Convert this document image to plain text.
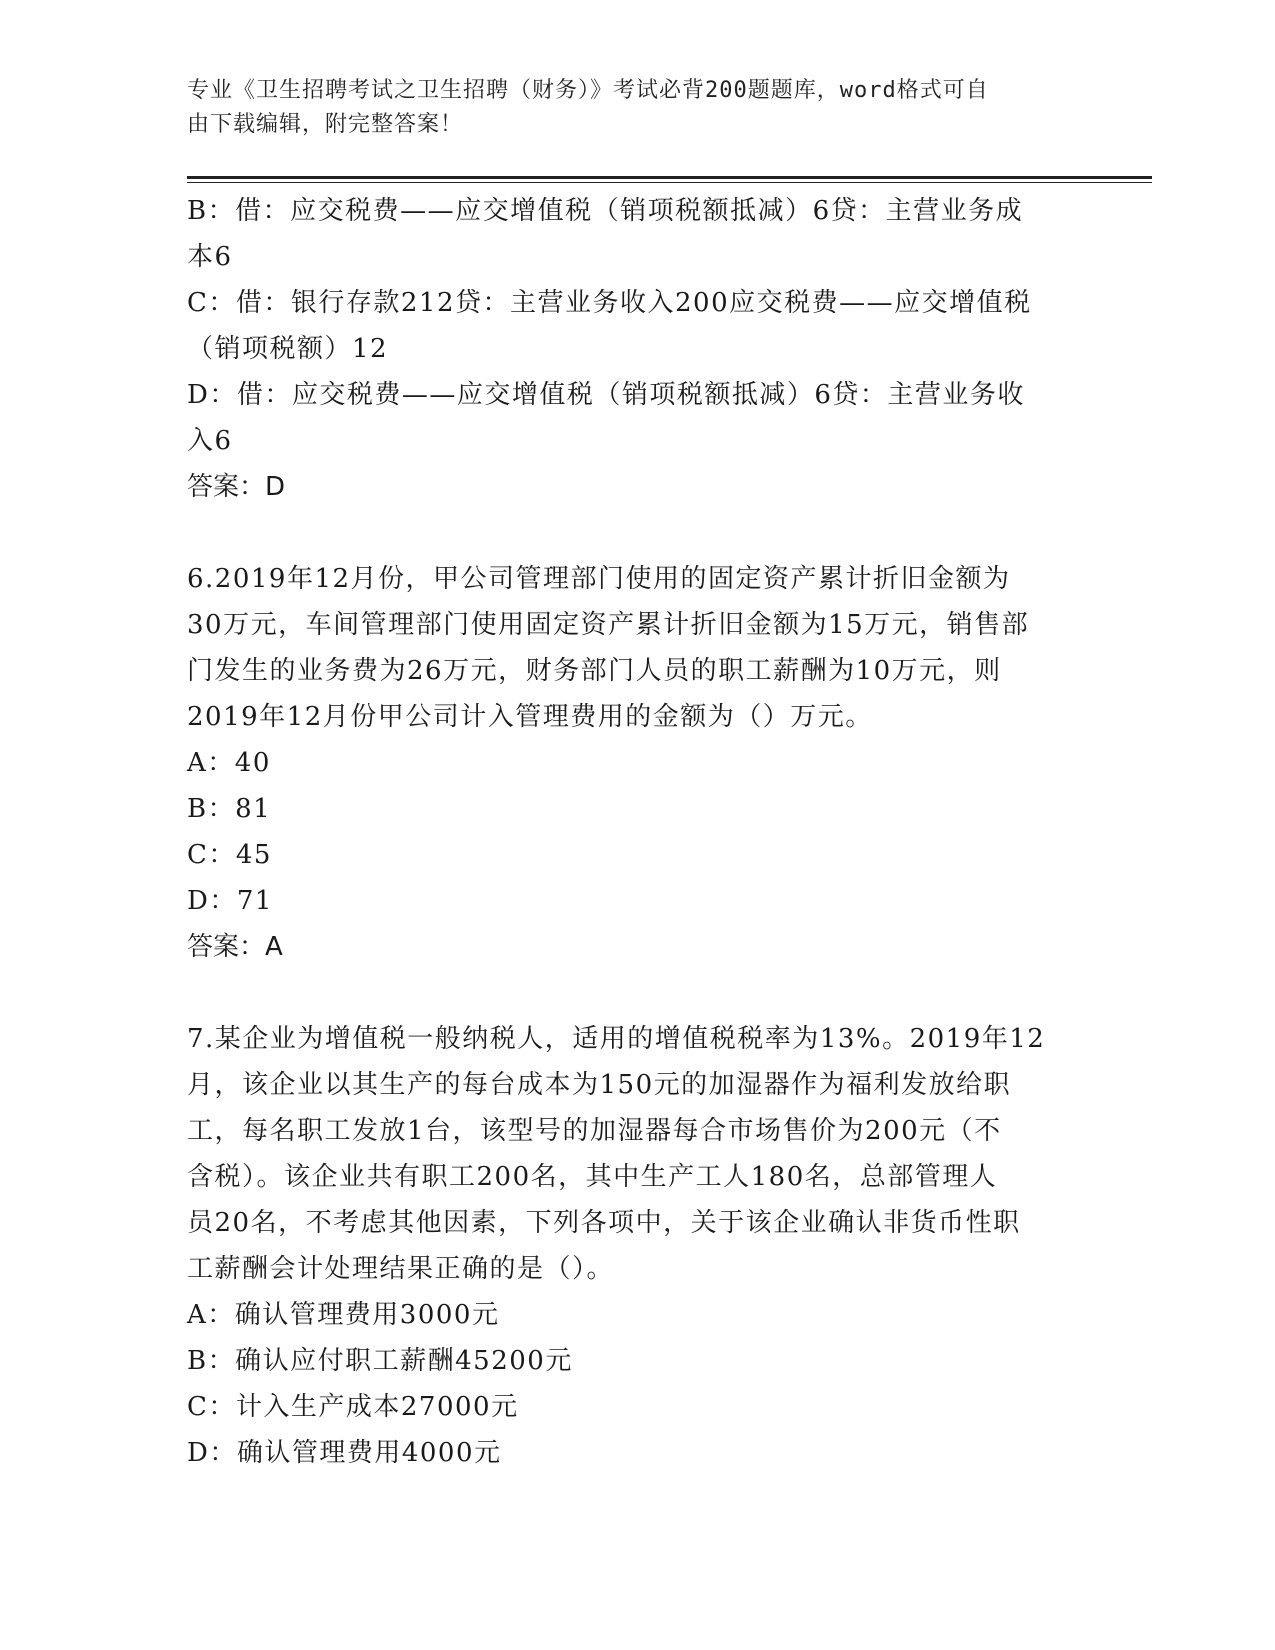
专业《卫生招聘考试之卫生招聘（财务）》考试必背200题题库，word格式可自
由下载编辑，附完整答案！
B：借：应交税费——应交增值税（销项税额抵减）6贷：主营业务成
本6
C：借：银行存款212贷：主营业务收入200应交税费——应交增值税
（销项税额）12
D：借：应交税费——应交增值税（销项税额抵减）6贷：主营业务收
入6
答案：D
6.2019年12月份，甲公司管理部门使用的固定资产累计折旧金额为
30万元，车间管理部门使用固定资产累计折旧金额为15万元，销售部
门发生的业务费为26万元，财务部门人员的职工薪酬为10万元，则
2019年12月份甲公司计入管理费用的金额为（）万元。
A：40
B：81
C：45
D：71
答案：A
7.某企业为增值税一般纳税人，适用的增值税税率为13%。2019年12
月，该企业以其生产的每台成本为150元的加湿器作为福利发放给职
工，每名职工发放1台，该型号的加湿器每合市场售价为200元（不
含税）。该企业共有职工200名，其中生产工人180名，总部管理人
员20名，不考虑其他因素，下列各项中，关于该企业确认非货币性职
工薪酬会计处理结果正确的是（）。
A：确认管理费用3000元
B：确认应付职工薪酬45200元
C：计入生产成本27000元
D：确认管理费用4000元
